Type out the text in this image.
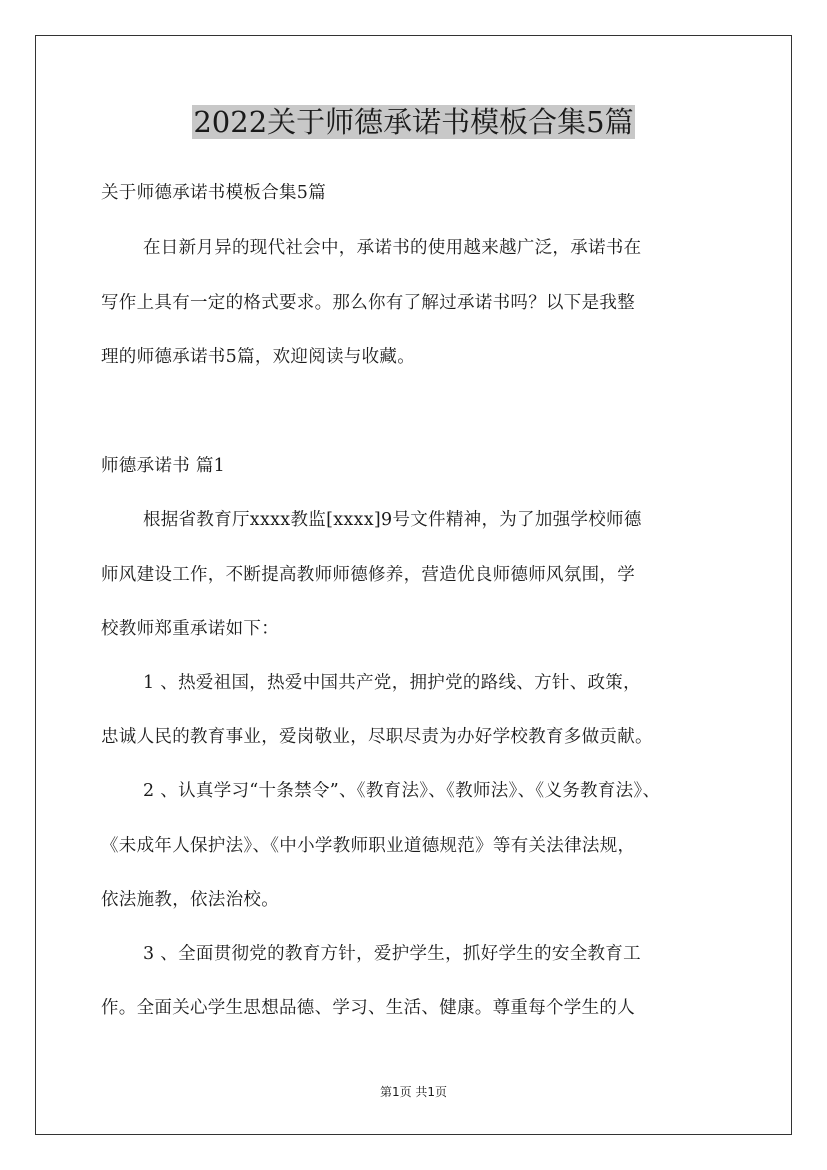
2022关于师德承诺书模板合集5篇
关于师德承诺书模板合集5篇
在日新月异的现代社会中，承诺书的使用越来越广泛，承诺书在
写作上具有一定的格式要求。那么你有了解过承诺书吗？以下是我整
理的师德承诺书5篇，欢迎阅读与收藏。
师德承诺书 篇1
根据省教育厅xxxx教监[xxxx]9号文件精神，为了加强学校师德
师风建设工作，不断提高教师师德修养，营造优良师德师风氛围，学
校教师郑重承诺如下：
1 、热爱祖国，热爱中国共产党，拥护党的路线、方针、政策，
忠诚人民的教育事业，爱岗敬业，尽职尽责为办好学校教育多做贡献。
2 、认真学习“十条禁令”、《教育法》、《教师法》、《义务教育法》、
《未成年人保护法》、《中小学教师职业道德规范》等有关法律法规，
依法施教，依法治校。
3 、全面贯彻党的教育方针，爱护学生，抓好学生的安全教育工
作。全面关心学生思想品德、学习、生活、健康。尊重每个学生的人
第1页 共1页
